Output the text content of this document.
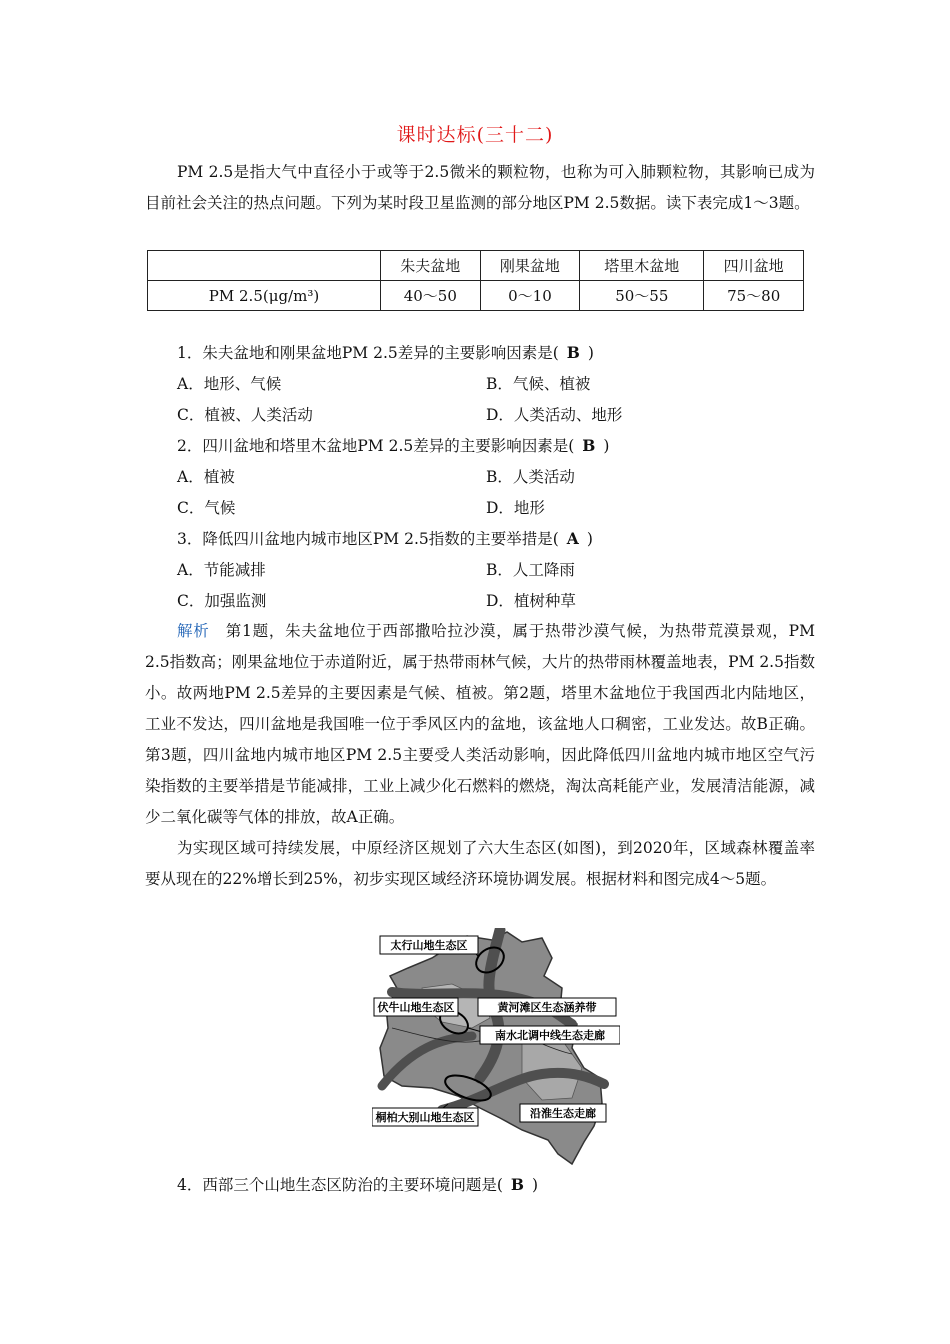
课时达标(三十二)
PM 2.5是指大气中直径小于或等于2.5微米的颗粒物，也称为可入肺颗粒物，其影响已成为目前社会关注的热点问题。下列为某时段卫星监测的部分地区PM 2.5数据。读下表完成1～3题。
	朱夫盆地	刚果盆地	塔里木盆地	四川盆地
PM 2.5(μg/m³)	40～50	0～10	50～55	75～80
1．朱夫盆地和刚果盆地PM 2.5差异的主要影响因素是( B )
A．地形、气候	B．气候、植被
C．植被、人类活动	D．人类活动、地形
2．四川盆地和塔里木盆地PM 2.5差异的主要影响因素是( B )
A．植被	B．人类活动
C．气候	D．地形
3．降低四川盆地内城市地区PM 2.5指数的主要举措是( A )
A．节能减排	B．人工降雨
C．加强监测	D．植树种草
解析　 第1题，朱夫盆地位于西部撒哈拉沙漠，属于热带沙漠气候，为热带荒漠景观，PM 2.5指数高；刚果盆地位于赤道附近，属于热带雨林气候，大片的热带雨林覆盖地表，PM 2.5指数小。故两地PM 2.5差异的主要因素是气候、植被。第2题，塔里木盆地位于我国西北内陆地区，工业不发达，四川盆地是我国唯一位于季风区内的盆地，该盆地人口稠密，工业发达。故B正确。第3题，四川盆地内城市地区PM 2.5主要受人类活动影响，因此降低四川盆地内城市地区空气污染指数的主要举措是节能减排，工业上减少化石燃料的燃烧，淘汰高耗能产业，发展清洁能源，减少二氧化碳等气体的排放，故A正确。
为实现区域可持续发展，中原经济区规划了六大生态区(如图)，到2020年，区域森林覆盖率要从现在的22%增长到25%，初步实现区域经济环境协调发展。根据材料和图完成4～5题。
太行山地生态区
伏牛山地生态区	黄河滩区生态涵养带
南水北调中线生态走廊
桐柏大别山地生态区	沿淮生态走廊
4．西部三个山地生态区防治的主要环境问题是( B )
